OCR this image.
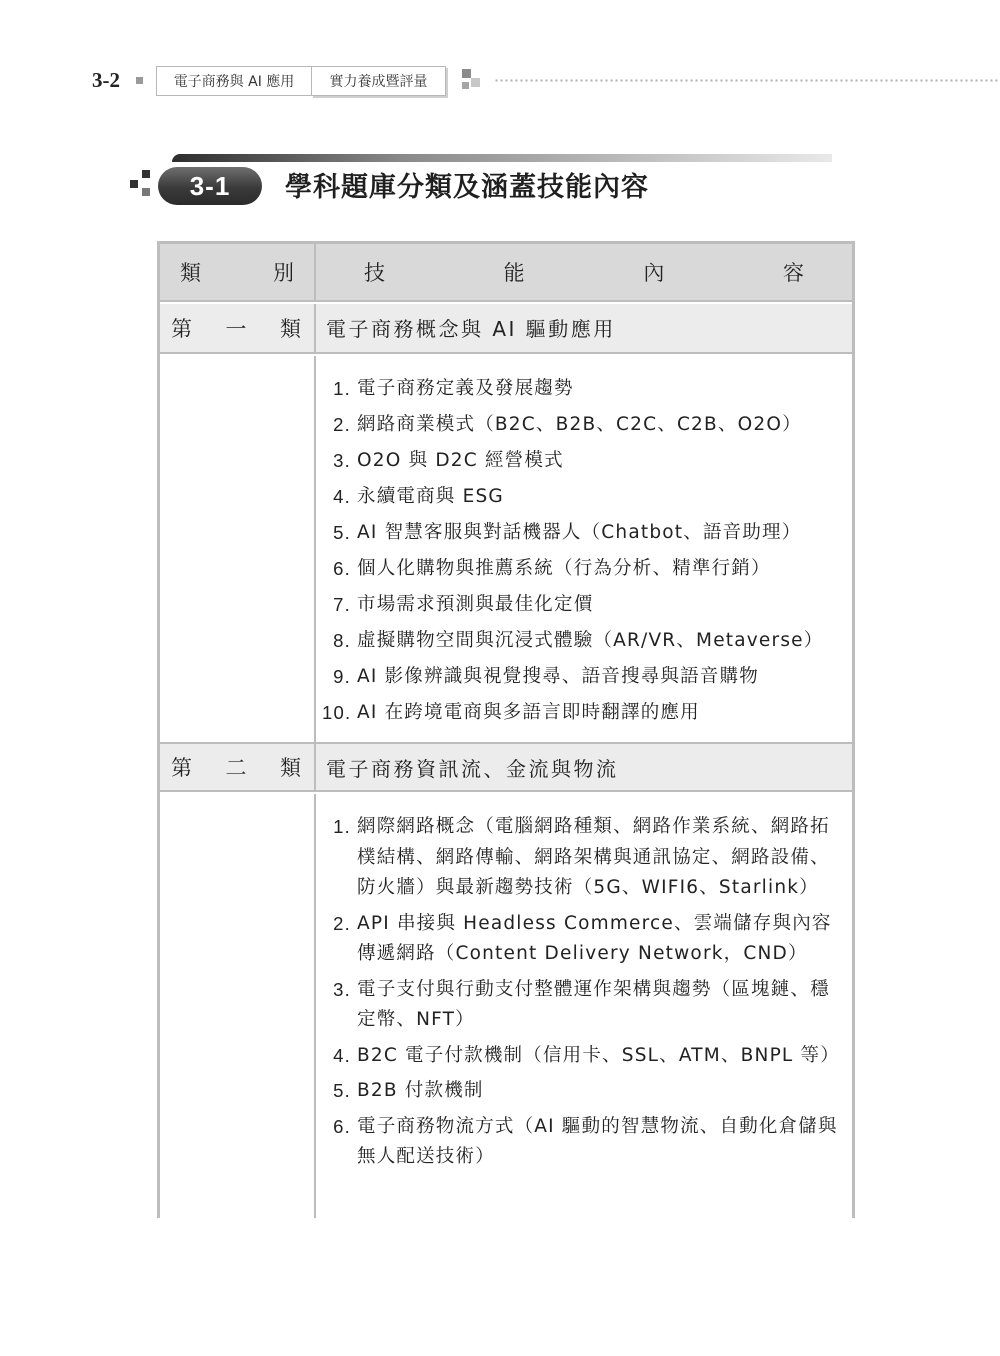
3-2	電子商務與 AI 應用	實力養成暨評量
3-1	學科題庫分類及涵蓋技能內容
類	別	技	能	內	容
第 一 類 電子商務概念與 AI 驅動應用
1. 電子商務定義及發展趨勢
2. 網路商業模式（B2C、B2B、C2C、C2B、O2O）
3. O2O 與 D2C 經營模式
4. 永續電商與 ESG
5. AI 智慧客服與對話機器人（Chatbot、語音助理）
6. 個人化購物與推薦系統（行為分析、精準行銷）
7. 市場需求預測與最佳化定價
8. 虛擬購物空間與沉浸式體驗（AR/VR、Metaverse）
9. AI 影像辨識與視覺搜尋、語音搜尋與語音購物
10. AI 在跨境電商與多語言即時翻譯的應用
第 二 類 電子商務資訊流、金流與物流
1. 網際網路概念（電腦網路種類、網路作業系統、網路拓樸結構、網路傳輸、網路架構與通訊協定、網路設備、防火牆）與最新趨勢技術（5G、WIFI6、Starlink）
2. API 串接與 Headless Commerce、雲端儲存與內容傳遞網路（Content Delivery Network，CND）
3. 電子支付與行動支付整體運作架構與趨勢（區塊鏈、穩定幣、NFT）
4. B2C 電子付款機制（信用卡、SSL、ATM、BNPL 等）
5. B2B 付款機制
6. 電子商務物流方式（AI 驅動的智慧物流、自動化倉儲與無人配送技術）
